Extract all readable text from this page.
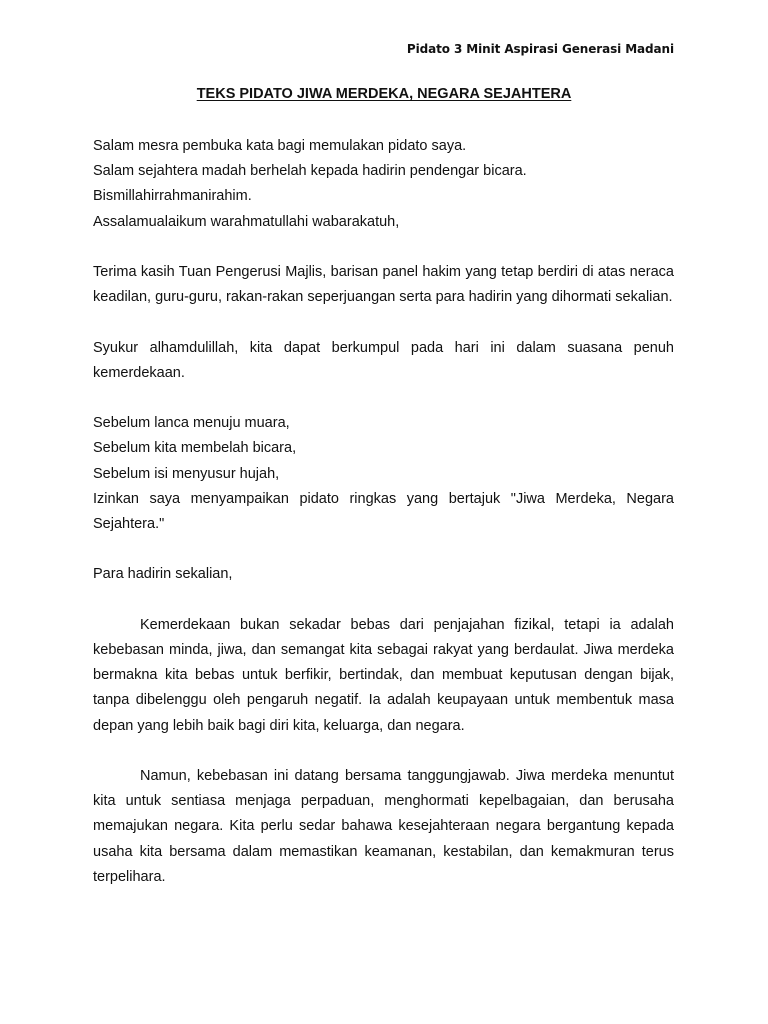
Pidato 3 Minit Aspirasi Generasi Madani
TEKS PIDATO JIWA MERDEKA, NEGARA SEJAHTERA
Salam mesra pembuka kata bagi memulakan pidato saya.
Salam sejahtera madah berhelah kepada hadirin pendengar bicara.
Bismillahirrahmanirahim.
Assalamualaikum warahmatullahi wabarakatuh,

Terima kasih Tuan Pengerusi Majlis, barisan panel hakim yang tetap berdiri di atas neraca keadilan, guru-guru, rakan-rakan seperjuangan serta para hadirin yang dihormati sekalian.

Syukur alhamdulillah, kita dapat berkumpul pada hari ini dalam suasana penuh kemerdekaan.

Sebelum lanca menuju muara,
Sebelum kita membelah bicara,
Sebelum isi menyusur hujah,

Izinkan saya menyampaikan pidato ringkas yang bertajuk "Jiwa Merdeka, Negara Sejahtera."

Para hadirin sekalian,

Kemerdekaan bukan sekadar bebas dari penjajahan fizikal, tetapi ia adalah kebebasan minda, jiwa, dan semangat kita sebagai rakyat yang berdaulat. Jiwa merdeka bermakna kita bebas untuk berfikir, bertindak, dan membuat keputusan dengan bijak, tanpa dibelenggu oleh pengaruh negatif. Ia adalah keupayaan untuk membentuk masa depan yang lebih baik bagi diri kita, keluarga, dan negara.

Namun, kebebasan ini datang bersama tanggungjawab. Jiwa merdeka menuntut kita untuk sentiasa menjaga perpaduan, menghormati kepelbagaian, dan berusaha memajukan negara. Kita perlu sedar bahawa kesejahteraan negara bergantung kepada usaha kita bersama dalam memastikan keamanan, kestabilan, dan kemakmuran terus terpelihara.
